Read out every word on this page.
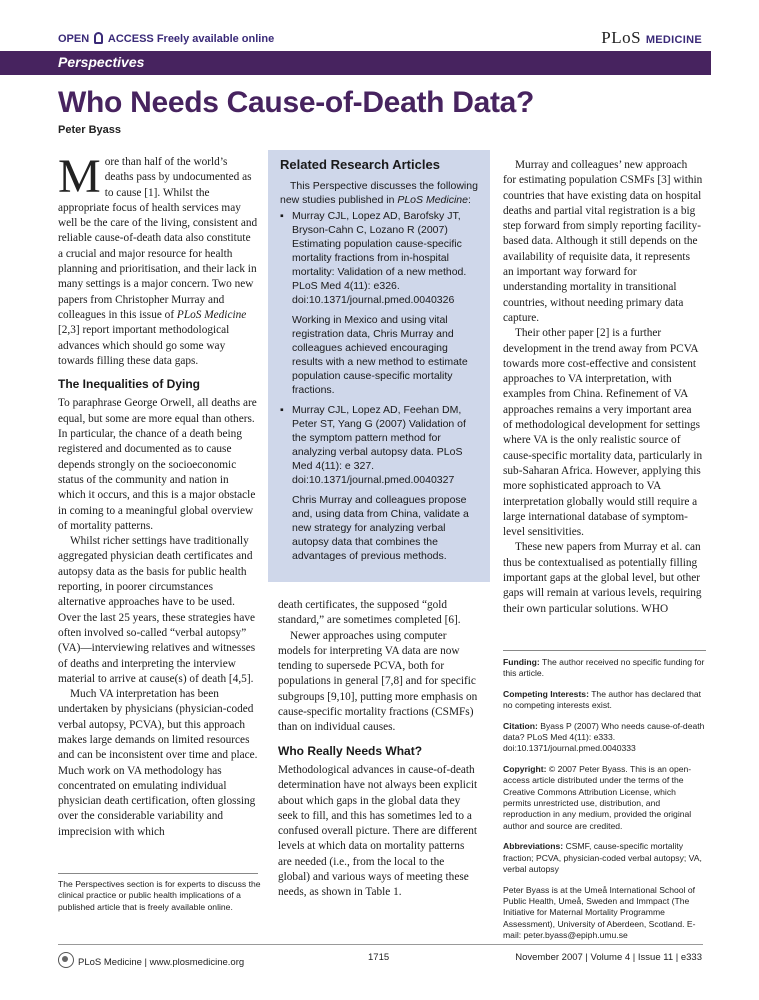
OPEN ACCESS Freely available online	PLoS MEDICINE
Perspectives
Who Needs Cause-of-Death Data?
Peter Byass

M ore than half of the world’s deaths pass by undocumented as to cause [1]. Whilst the appropriate focus of health services may well be the care of the living, consistent and reliable cause-of-death data also constitute a crucial and major resource for health planning and prioritisation, and their lack in many settings is a major concern. Two new papers from Christopher Murray and colleagues in this issue of PLoS Medicine [2,3] report important methodological advances which should go some way towards filling these data gaps.

The Inequalities of Dying

To paraphrase George Orwell, all deaths are equal, but some are more equal than others. In particular, the chance of a death being registered and documented as to cause depends strongly on the socioeconomic status of the community and nation in which it occurs, and this is a major obstacle in coming to a meaningful global overview of mortality patterns.

Whilst richer settings have traditionally aggregated physician death certificates and autopsy data as the basis for public health reporting, in poorer circumstances alternative approaches have to be used. Over the last 25 years, these strategies have often involved so-called “verbal autopsy” (VA)—interviewing relatives and witnesses of deaths and interpreting the interview material to arrive at cause(s) of death [4,5].

Much VA interpretation has been undertaken by physicians (physician-coded verbal autopsy, PCVA), but this approach makes large demands on limited resources and can be inconsistent over time and place. Much work on VA methodology has concentrated on emulating individual physician death certification, often glossing over the considerable variability and imprecision with which

Related Research Articles

This Perspective discusses the following new studies published in PLoS Medicine:

▪ Murray CJL, Lopez AD, Barofsky JT, Bryson-Cahn C, Lozano R (2007) Estimating population cause-specific mortality fractions from in-hospital mortality: Validation of a new method. PLoS Med 4(11): e326. doi:10.1371/journal.pmed.0040326

Working in Mexico and using vital registration data, Chris Murray and colleagues achieved encouraging results with a new method to estimate population cause-specific mortality fractions.

▪ Murray CJL, Lopez AD, Feehan DM, Peter ST, Yang G (2007) Validation of the symptom pattern method for analyzing verbal autopsy data. PLoS Med 4(11): e 327. doi:10.1371/journal.pmed.0040327

Chris Murray and colleagues propose and, using data from China, validate a new strategy for analyzing verbal autopsy data that combines the advantages of previous methods.

death certificates, the supposed “gold standard,” are sometimes completed [6].

Newer approaches using computer models for interpreting VA data are now tending to supersede PCVA, both for populations in general [7,8] and for specific subgroups [9,10], putting more emphasis on cause-specific mortality fractions (CSMFs) than on individual causes.

Who Really Needs What?

Methodological advances in cause-of-death determination have not always been explicit about which gaps in the global data they seek to fill, and this has sometimes led to a confused overall picture. There are different levels at which data on mortality patterns are needed (i.e., from the local to the global) and various ways of meeting these needs, as shown in Table 1.

Murray and colleagues’ new approach for estimating population CSMFs [3] within countries that have existing data on hospital deaths and partial vital registration is a big step forward from simply reporting facility-based data. Although it still depends on the availability of requisite data, it represents an important way forward for understanding mortality in transitional countries, without needing primary data capture.

Their other paper [2] is a further development in the trend away from PCVA towards more cost-effective and consistent approaches to VA interpretation, with examples from China. Refinement of VA approaches remains a very important area of methodological development for settings where VA is the only realistic source of cause-specific mortality data, particularly in sub-Saharan Africa. However, applying this more sophisticated approach to VA interpretation globally would still require a large international database of symptom-level sensitivities.

These new papers from Murray et al. can thus be contextualised as potentially filling important gaps at the global level, but other gaps will remain at various levels, requiring their own particular solutions. WHO

Funding: The author received no specific funding for this article.

Competing Interests: The author has declared that no competing interests exist.

Citation: Byass P (2007) Who needs cause-of-death data? PLoS Med 4(11): e333. doi:10.1371/journal.pmed.0040333

Copyright: © 2007 Peter Byass. This is an open-access article distributed under the terms of the Creative Commons Attribution License, which permits unrestricted use, distribution, and reproduction in any medium, provided the original author and source are credited.

Abbreviations: CSMF, cause-specific mortality fraction; PCVA, physician-coded verbal autopsy; VA, verbal autopsy

Peter Byass is at the Umeå International School of Public Health, Umeå, Sweden and Immpact (The Initiative for Maternal Mortality Programme Assessment), University of Aberdeen, Scotland. E-mail: peter.byass@epiph.umu.se

The Perspectives section is for experts to discuss the clinical practice or public health implications of a published article that is freely available online.
PLoS Medicine | www.plosmedicine.org	1715	November 2007 | Volume 4 | Issue 11 | e333
